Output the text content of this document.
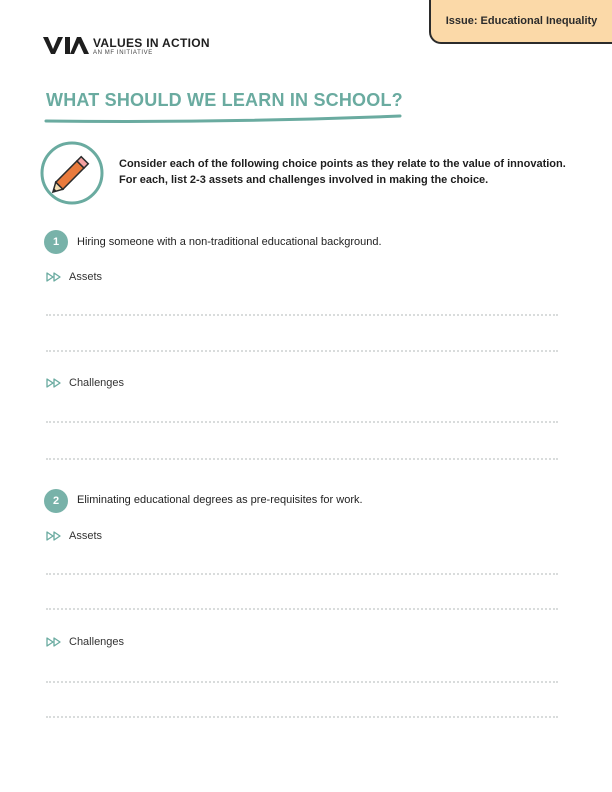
Issue: Educational Inequality
VALUES IN ACTION
AN MF INITIATIVE
WHAT SHOULD WE LEARN IN SCHOOL?
Consider each of the following choice points as they relate to the value of innovation. For each, list 2-3 assets and challenges involved in making the choice.
1	Hiring someone with a non-traditional educational background.
Assets
Challenges
2	Eliminating educational degrees as pre-requisites for work.
Assets
Challenges
